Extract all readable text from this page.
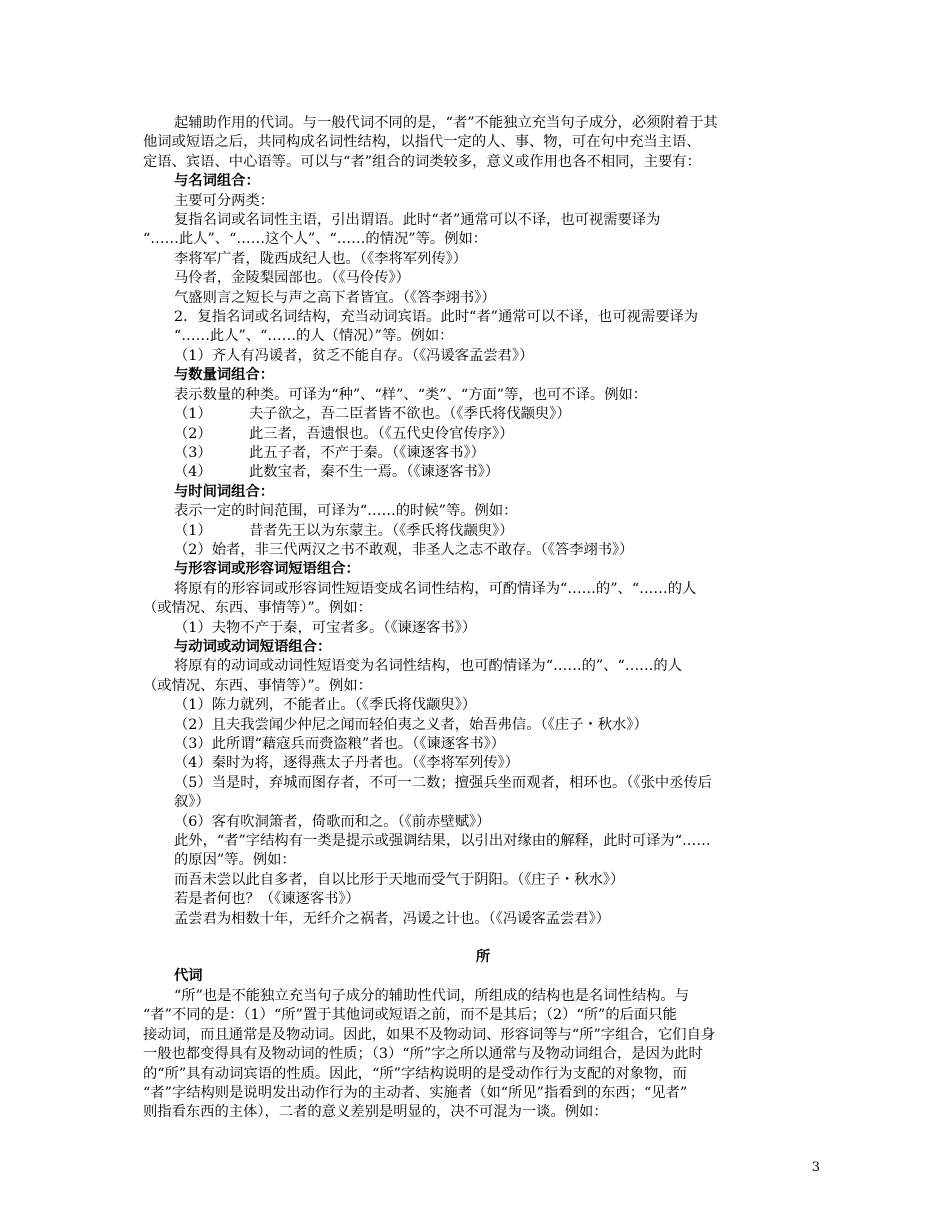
起辅助作用的代词。与一般代词不同的是，“者”不能独立充当句子成分，必须附着于其

他词或短语之后，共同构成名词性结构，以指代一定的人、事、物，可在句中充当主语、

定语、宾语、中心语等。可以与“者”组合的词类较多，意义或作用也各不相同，主要有：

与名词组合：

主要可分两类：

复指名词或名词性主语，引出谓语。此时“者”通常可以不译，也可视需要译为

“……此人”、“……这个人”、“……的情况”等。例如：

李将军广者，陇西成纪人也。（《李将军列传》）

马伶者，金陵梨园部也。（《马伶传》）

气盛则言之短长与声之高下者皆宜。（《答李翊书》）

2．复指名词或名词结构，充当动词宾语。此时“者”通常可以不译，也可视需要译为

“……此人”、“……的人（情况）”等。例如：

（1）齐人有冯谖者，贫乏不能自存。（《冯谖客孟尝君》）

与数量词组合：

表示数量的种类。可译为“种”、“样”、“类”、“方面”等，也可不译。例如：

（1）	夫子欲之，吾二臣者皆不欲也。（《季氏将伐颛臾》）

（2）	此三者，吾遗恨也。（《五代史伶官传序》）

（3）	此五子者，不产于秦。（《谏逐客书》）

（4）	此数宝者，秦不生一焉。（《谏逐客书》）

与时间词组合：

表示一定的时间范围，可译为“……的时候”等。例如：

（1）	昔者先王以为东蒙主。（《季氏将伐颛臾》）

（2）始者，非三代两汉之书不敢观，非圣人之志不敢存。（《答李翊书》）

与形容词或形容词短语组合：

将原有的形容词或形容词性短语变成名词性结构，可酌情译为“……的”、“……的人

（或情况、东西、事情等）”。例如：

（1）夫物不产于秦，可宝者多。（《谏逐客书》）

与动词或动词短语组合：

将原有的动词或动词性短语变为名词性结构，也可酌情译为“……的”、“……的人

（或情况、东西、事情等）”。例如：

（1）陈力就列，不能者止。（《季氏将伐颛臾》）

（2）且夫我尝闻少仲尼之闻而轻伯夷之义者，始吾弗信。（《庄子・秋水》）

（3）此所谓“藉寇兵而赍盗粮”者也。（《谏逐客书》）

（4）秦时为将，逐得燕太子丹者也。（《李将军列传》）

（5）当是时，弃城而图存者，不可一二数；擅强兵坐而观者，相环也。（《张中丞传后

叙》）

（6）客有吹洞箫者，倚歌而和之。（《前赤壁赋》）

此外，“者”字结构有一类是提示或强调结果，以引出对缘由的解释，此时可译为“……

的原因”等。例如：

而吾未尝以此自多者，自以比形于天地而受气于阴阳。（《庄子・秋水》）

若是者何也？（《谏逐客书》）

孟尝君为相数十年，无纤介之祸者，冯谖之计也。（《冯谖客孟尝君》）

所

代词

“所”也是不能独立充当句子成分的辅助性代词，所组成的结构也是名词性结构。与

“者”不同的是：（1）“所”置于其他词或短语之前，而不是其后；（2）“所”的后面只能

接动词，而且通常是及物动词。因此，如果不及物动词、形容词等与“所”字组合，它们自身

一般也都变得具有及物动词的性质；（3）“所”字之所以通常与及物动词组合，是因为此时

的“所”具有动词宾语的性质。因此，“所”字结构说明的是受动作行为支配的对象物，而

“者”字结构则是说明发出动作行为的主动者、实施者（如“所见”指看到的东西；“见者”

则指看东西的主体），二者的意义差别是明显的，决不可混为一谈。例如：

3
